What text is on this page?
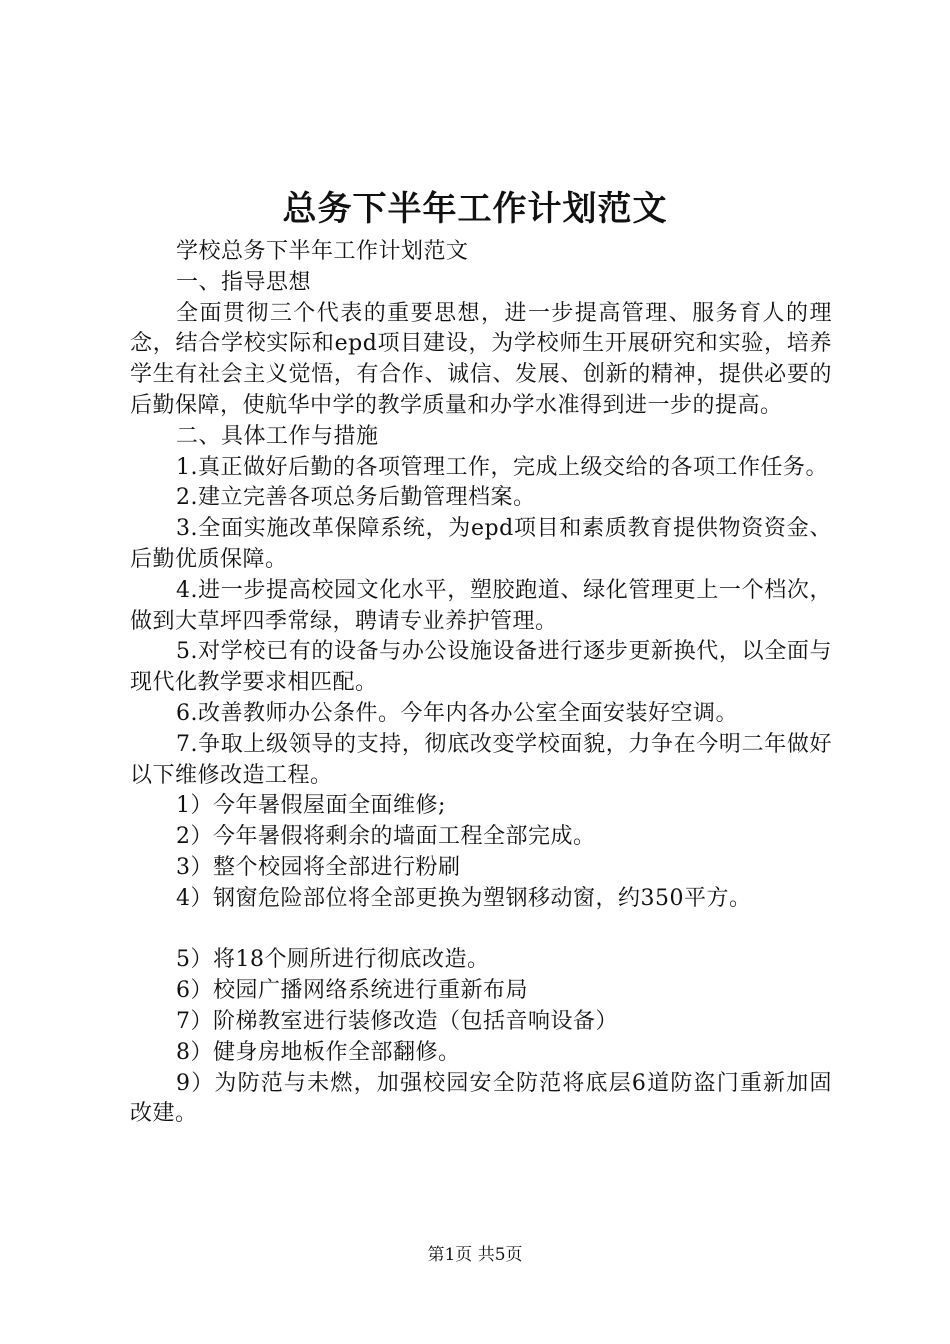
总务下半年工作计划范文

学校总务下半年工作计划范文

一、指导思想

全面贯彻三个代表的重要思想，进一步提高管理、服务育人的理念，结合学校实际和epd项目建设，为学校师生开展研究和实验，培养学生有社会主义觉悟，有合作、诚信、发展、创新的精神，提供必要的后勤保障，使航华中学的教学质量和办学水准得到进一步的提高。

二、具体工作与措施

1.真正做好后勤的各项管理工作，完成上级交给的各项工作任务。

2.建立完善各项总务后勤管理档案。

3.全面实施改革保障系统，为epd项目和素质教育提供物资资金、后勤优质保障。

4.进一步提高校园文化水平，塑胶跑道、绿化管理更上一个档次，做到大草坪四季常绿，聘请专业养护管理。

5.对学校已有的设备与办公设施设备进行逐步更新换代，以全面与现代化教学要求相匹配。

6.改善教师办公条件。今年内各办公室全面安装好空调。

7.争取上级领导的支持，彻底改变学校面貌，力争在今明二年做好以下维修改造工程。

1）今年暑假屋面全面维修;

2）今年暑假将剩余的墙面工程全部完成。

3）整个校园将全部进行粉刷

4）钢窗危险部位将全部更换为塑钢移动窗，约350平方。

5）将18个厕所进行彻底改造。

6）校园广播网络系统进行重新布局

7）阶梯教室进行装修改造（包括音响设备）

8）健身房地板作全部翻修。

9）为防范与未燃，加强校园安全防范将底层6道防盗门重新加固改建。

第1页 共5页
